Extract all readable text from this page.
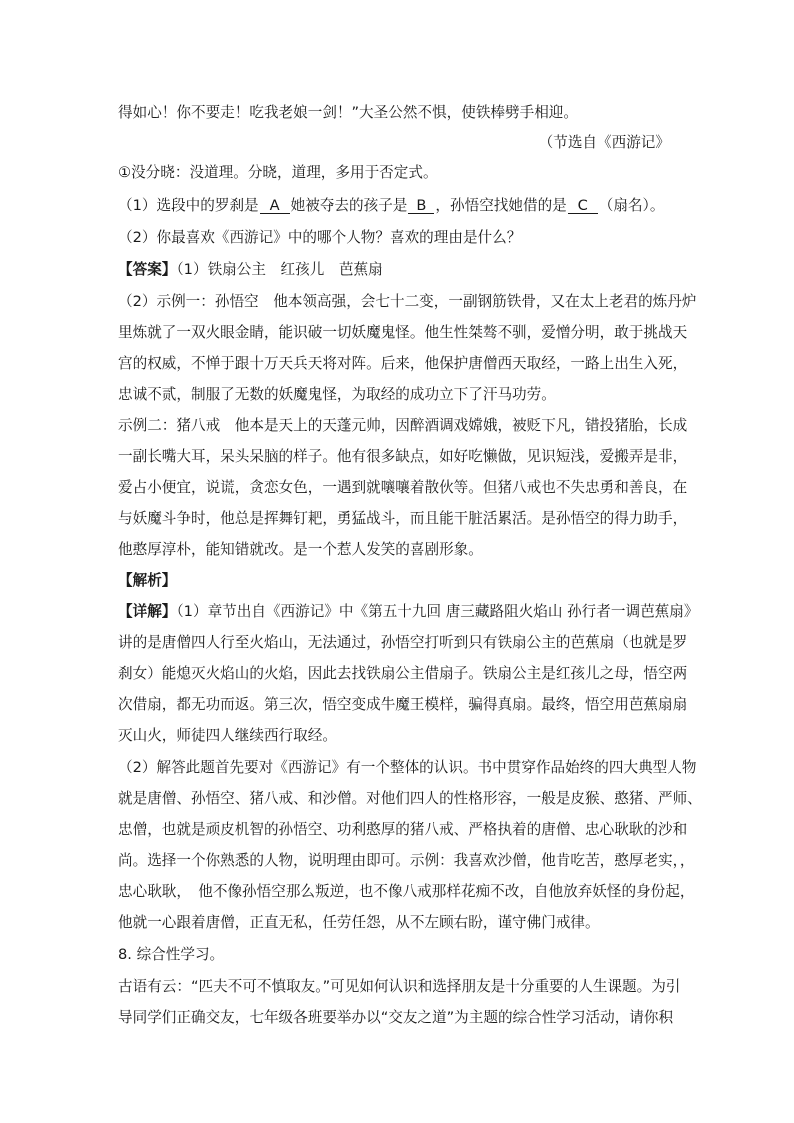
得如心！你不要走！吃我老娘一剑！”大圣公然不惧，使铁棒劈手相迎。
（节选自《西游记》
①没分晓：没道理。分晓，道理，多用于否定式。
（1）选段中的罗刹是 A 她被夺去的孩子是 B ，孙悟空找她借的是 C （扇名）。
（2）你最喜欢《西游记》中的哪个人物？喜欢的理由是什么？
【答案】（1）铁扇公主　红孩儿　芭蕉扇
（2）示例一：孙悟空　他本领高强，会七十二变，一副钢筋铁骨，又在太上老君的炼丹炉
里炼就了一双火眼金睛，能识破一切妖魔鬼怪。他生性桀骜不驯，爱憎分明，敢于挑战天
宫的权威，不惮于跟十万天兵天将对阵。后来，他保护唐僧西天取经，一路上出生入死，
忠诚不贰，制服了无数的妖魔鬼怪，为取经的成功立下了汗马功劳。
示例二：猪八戒　他本是天上的天蓬元帅，因醉酒调戏嫦娥，被贬下凡，错投猪胎，长成
一副长嘴大耳，呆头呆脑的样子。他有很多缺点，如好吃懒做，见识短浅，爱搬弄是非，
爱占小便宜，说谎，贪恋女色，一遇到就嚷嚷着散伙等。但猪八戒也不失忠勇和善良，在
与妖魔斗争时，他总是挥舞钉耙，勇猛战斗，而且能干脏活累活。是孙悟空的得力助手，
他憨厚淳朴，能知错就改。是一个惹人发笑的喜剧形象。
【解析】
【详解】（1）章节出自《西游记》中《第五十九回 唐三藏路阻火焰山 孙行者一调芭蕉扇》
讲的是唐僧四人行至火焰山，无法通过，孙悟空打听到只有铁扇公主的芭蕉扇（也就是罗
刹女）能熄灭火焰山的火焰，因此去找铁扇公主借扇子。铁扇公主是红孩儿之母，悟空两
次借扇，都无功而返。第三次，悟空变成牛魔王模样，骗得真扇。最终，悟空用芭蕉扇扇
灭山火，师徒四人继续西行取经。
（2）解答此题首先要对《西游记》有一个整体的认识。书中贯穿作品始终的四大典型人物
就是唐僧、孙悟空、猪八戒、和沙僧。对他们四人的性格形容，一般是皮猴、憨猪、严师、
忠僧，也就是顽皮机智的孙悟空、功利憨厚的猪八戒、严格执着的唐僧、忠心耿耿的沙和
尚。选择一个你熟悉的人物，说明理由即可。示例：我喜欢沙僧，他肯吃苦，憨厚老实，，
忠心耿耿，　他不像孙悟空那么叛逆，也不像八戒那样花痴不改，自他放弃妖怪的身份起，
他就一心跟着唐僧，正直无私，任劳任怨，从不左顾右盼，谨守佛门戒律。
8. 综合性学习。
古语有云：“匹夫不可不慎取友。”可见如何认识和选择朋友是十分重要的人生课题。为引
导同学们正确交友，七年级各班要举办以“交友之道”为主题的综合性学习活动，请你积
